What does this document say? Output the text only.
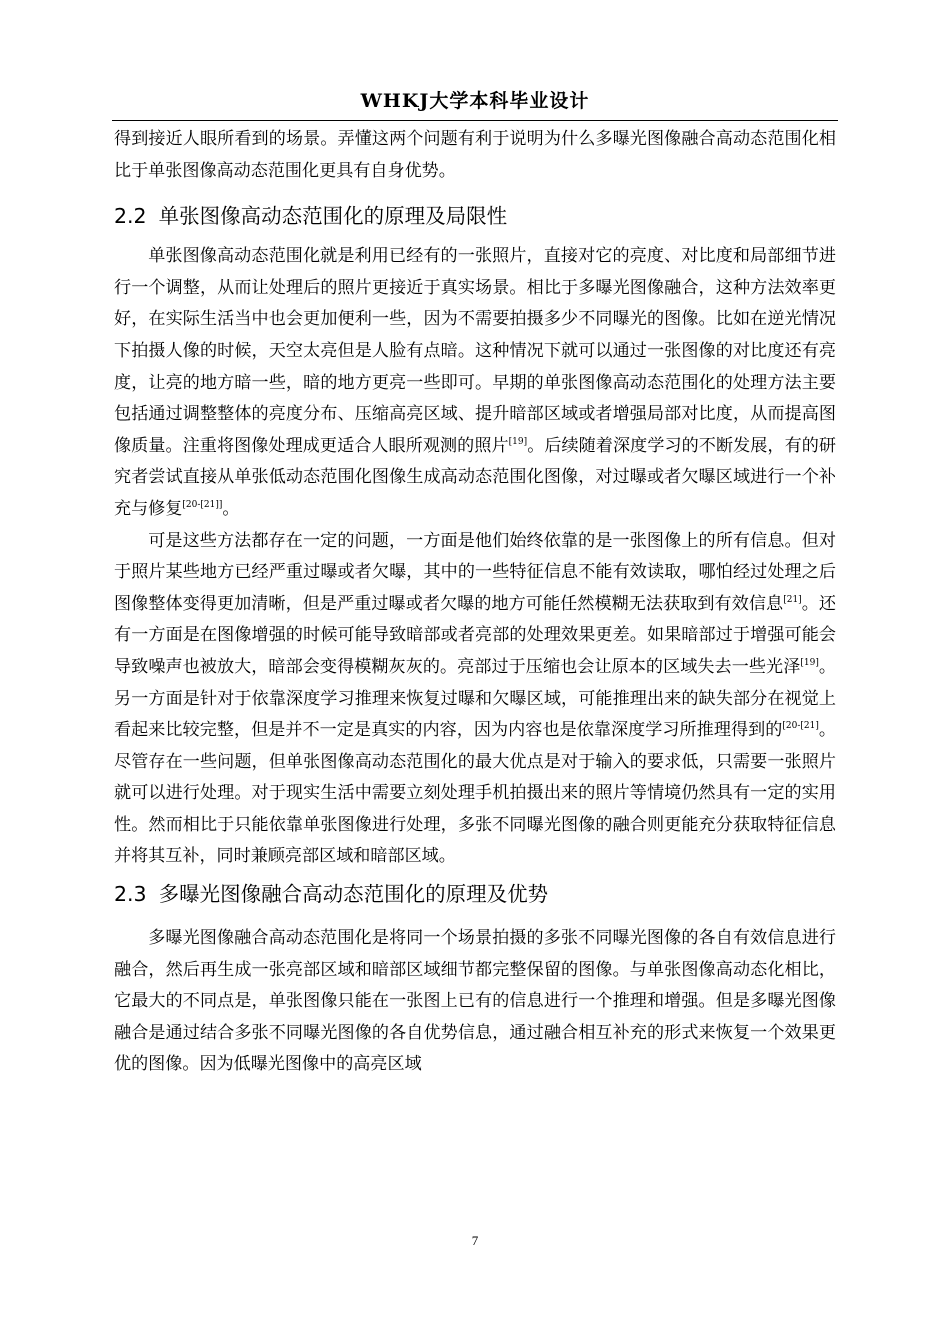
WHKJ大学本科毕业设计

得到接近人眼所看到的场景。弄懂这两个问题有利于说明为什么多曝光图像融合高动态范围化相比于单张图像高动态范围化更具有自身优势。

2.2 单张图像高动态范围化的原理及局限性

单张图像高动态范围化就是利用已经有的一张照片，直接对它的亮度、对比度和局部细节进行一个调整，从而让处理后的照片更接近于真实场景。相比于多曝光图像融合，这种方法效率更好，在实际生活当中也会更加便利一些，因为不需要拍摄多少不同曝光的图像。比如在逆光情况下拍摄人像的时候，天空太亮但是人脸有点暗。这种情况下就可以通过一张图像的对比度还有亮度，让亮的地方暗一些，暗的地方更亮一些即可。早期的单张图像高动态范围化的处理方法主要包括通过调整整体的亮度分布、压缩高亮区域、提升暗部区域或者增强局部对比度，从而提高图像质量。注重将图像处理成更适合人眼所观测的照片[19]。后续随着深度学习的不断发展，有的研究者尝试直接从单张低动态范围化图像生成高动态范围化图像，对过曝或者欠曝区域进行一个补充与修复[20-[21]]。

可是这些方法都存在一定的问题，一方面是他们始终依靠的是一张图像上的所有信息。但对于照片某些地方已经严重过曝或者欠曝，其中的一些特征信息不能有效读取，哪怕经过处理之后图像整体变得更加清晰，但是严重过曝或者欠曝的地方可能任然模糊无法获取到有效信息[21]。还有一方面是在图像增强的时候可能导致暗部或者亮部的处理效果更差。如果暗部过于增强可能会导致噪声也被放大，暗部会变得模糊灰灰的。亮部过于压缩也会让原本的区域失去一些光泽[19]。另一方面是针对于依靠深度学习推理来恢复过曝和欠曝区域，可能推理出来的缺失部分在视觉上看起来比较完整，但是并不一定是真实的内容，因为内容也是依靠深度学习所推理得到的[20-[21]。尽管存在一些问题，但单张图像高动态范围化的最大优点是对于输入的要求低，只需要一张照片就可以进行处理。对于现实生活中需要立刻处理手机拍摄出来的照片等情境仍然具有一定的实用性。然而相比于只能依靠单张图像进行处理，多张不同曝光图像的融合则更能充分获取特征信息并将其互补，同时兼顾亮部区域和暗部区域。

2.3 多曝光图像融合高动态范围化的原理及优势

多曝光图像融合高动态范围化是将同一个场景拍摄的多张不同曝光图像的各自有效信息进行融合，然后再生成一张亮部区域和暗部区域细节都完整保留的图像。与单张图像高动态化相比，它最大的不同点是，单张图像只能在一张图上已有的信息进行一个推理和增强。但是多曝光图像融合是通过结合多张不同曝光图像的各自优势信息，通过融合相互补充的形式来恢复一个效果更优的图像。因为低曝光图像中的高亮区域

7
